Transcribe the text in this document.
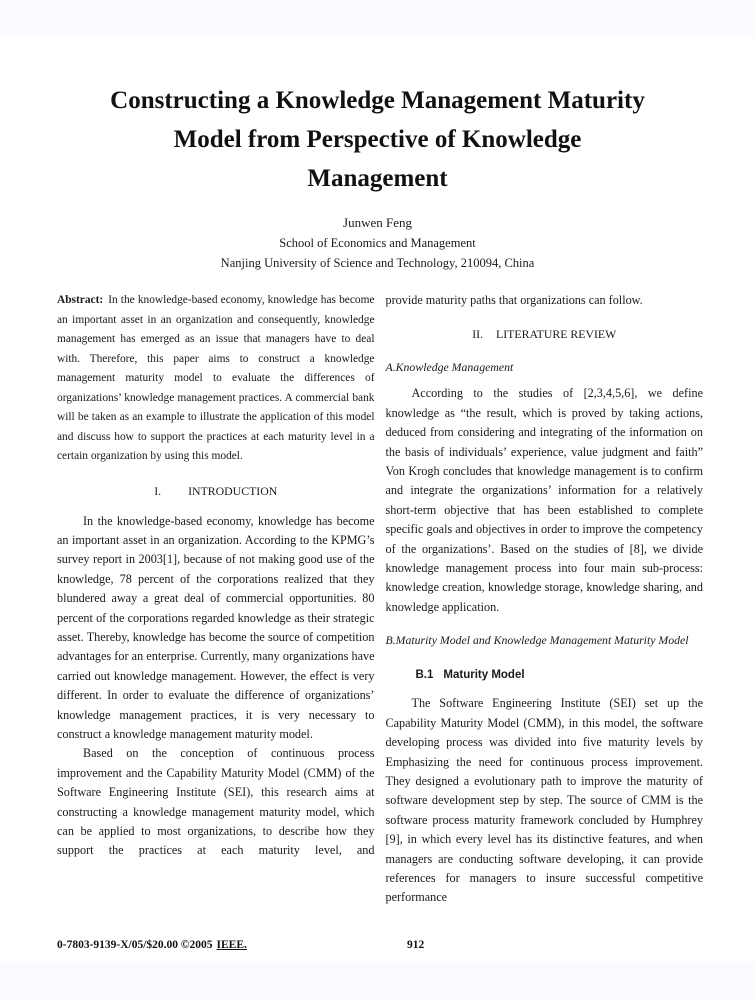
Constructing a Knowledge Management Maturity
Model from Perspective of Knowledge
Management
Junwen Feng
School of Economics and Management
Nanjing University of Science and Technology, 210094, China

Abstract: In the knowledge-based economy, knowledge has become an important asset in an organization and consequently, knowledge management has emerged as an issue that managers have to deal with. Therefore, this paper aims to construct a knowledge management maturity model to evaluate the differences of organizations’ knowledge management practices. A commercial bank will be taken as an example to illustrate the application of this model and discuss how to support the practices at each maturity level in a certain organization by using this model.

I. INTRODUCTION

In the knowledge-based economy, knowledge has become an important asset in an organization. According to the KPMG’s survey report in 2003[1], because of not making good use of the knowledge, 78 percent of the corporations realized that they blundered away a great deal of commercial opportunities. 80 percent of the corporations regarded knowledge as their strategic asset. Thereby, knowledge has become the source of competition advantages for an enterprise. Currently, many organizations have carried out knowledge management. However, the effect is very different. In order to evaluate the difference of organizations’ knowledge management practices, it is very necessary to construct a knowledge management maturity model.

Based on the conception of continuous process improvement and the Capability Maturity Model (CMM) of the Software Engineering Institute (SEI), this research aims at constructing a knowledge management maturity model, which can be applied to most organizations, to describe how they support the practices at each maturity level, and

provide maturity paths that organizations can follow.

II. LITERATURE REVIEW
A.Knowledge Management

According to the studies of [2,3,4,5,6], we define knowledge as “the result, which is proved by taking actions, deduced from considering and integrating of the information on the basis of individuals’ experience, value judgment and faith” Von Krogh concludes that knowledge management is to confirm and integrate the organizations’ information for a relatively short-term objective that has been established to complete specific goals and objectives in order to improve the competency of the organizations’. Based on the studies of [8], we divide knowledge management process into four main sub-process: knowledge creation, knowledge storage, knowledge sharing, and knowledge application.

B.Maturity Model and Knowledge Management Maturity Model
B.1 Maturity Model

The Software Engineering Institute (SEI) set up the Capability Maturity Model (CMM), in this model, the software developing process was divided into five maturity levels by Emphasizing the need for continuous process improvement. They designed a evolutionary path to improve the maturity of software development step by step. The source of CMM is the software process maturity framework concluded by Humphrey [9], in which every level has its distinctive features, and when managers are conducting software developing, it can provide references for managers to insure successful competitive performance

0-7803-9139-X/05/$20.00 ©2005 IEEE.	912
